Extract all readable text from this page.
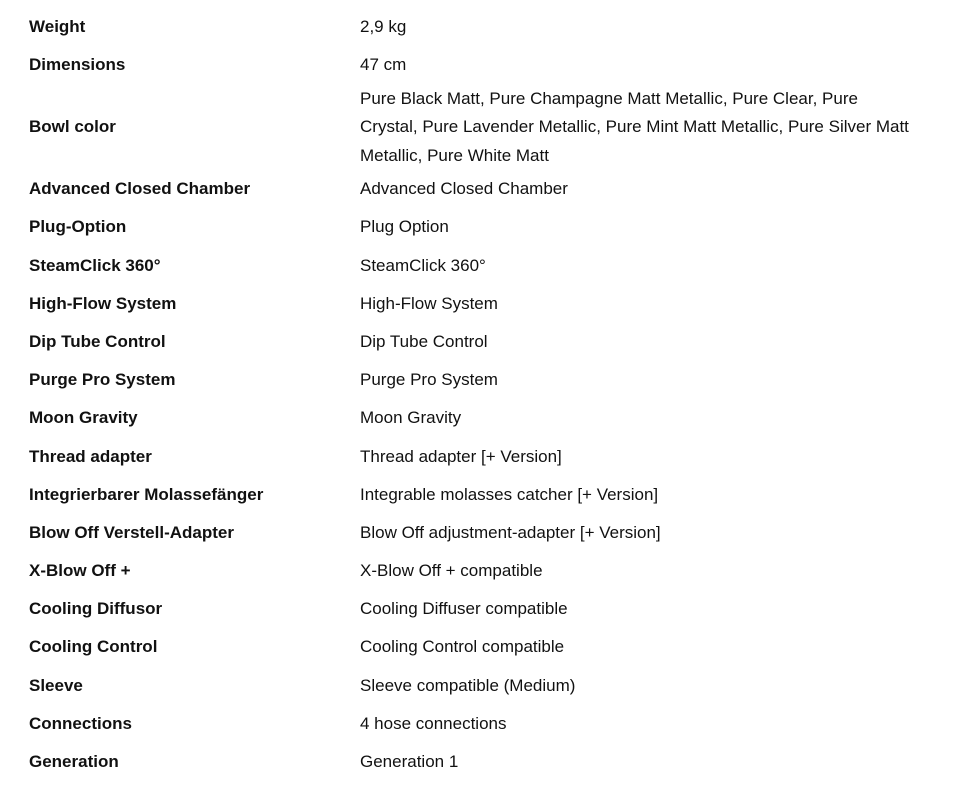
Weight	2,9 kg
Dimensions	47 cm
Bowl color	Pure Black Matt, Pure Champagne Matt Metallic, Pure Clear, Pure Crystal, Pure Lavender Metallic, Pure Mint Matt Metallic, Pure Silver Matt Metallic, Pure White Matt
Advanced Closed Chamber	Advanced Closed Chamber
Plug-Option	Plug Option
SteamClick 360°	SteamClick 360°
High-Flow System	High-Flow System
Dip Tube Control	Dip Tube Control
Purge Pro System	Purge Pro System
Moon Gravity	Moon Gravity
Thread adapter	Thread adapter [+ Version]
Integrierbarer Molassefänger	Integrable molasses catcher [+ Version]
Blow Off Verstell-Adapter	Blow Off adjustment-adapter [+ Version]
X-Blow Off +	X-Blow Off + compatible
Cooling Diffusor	Cooling Diffuser compatible
Cooling Control	Cooling Control compatible
Sleeve	Sleeve compatible (Medium)
Connections	4 hose connections
Generation	Generation 1
